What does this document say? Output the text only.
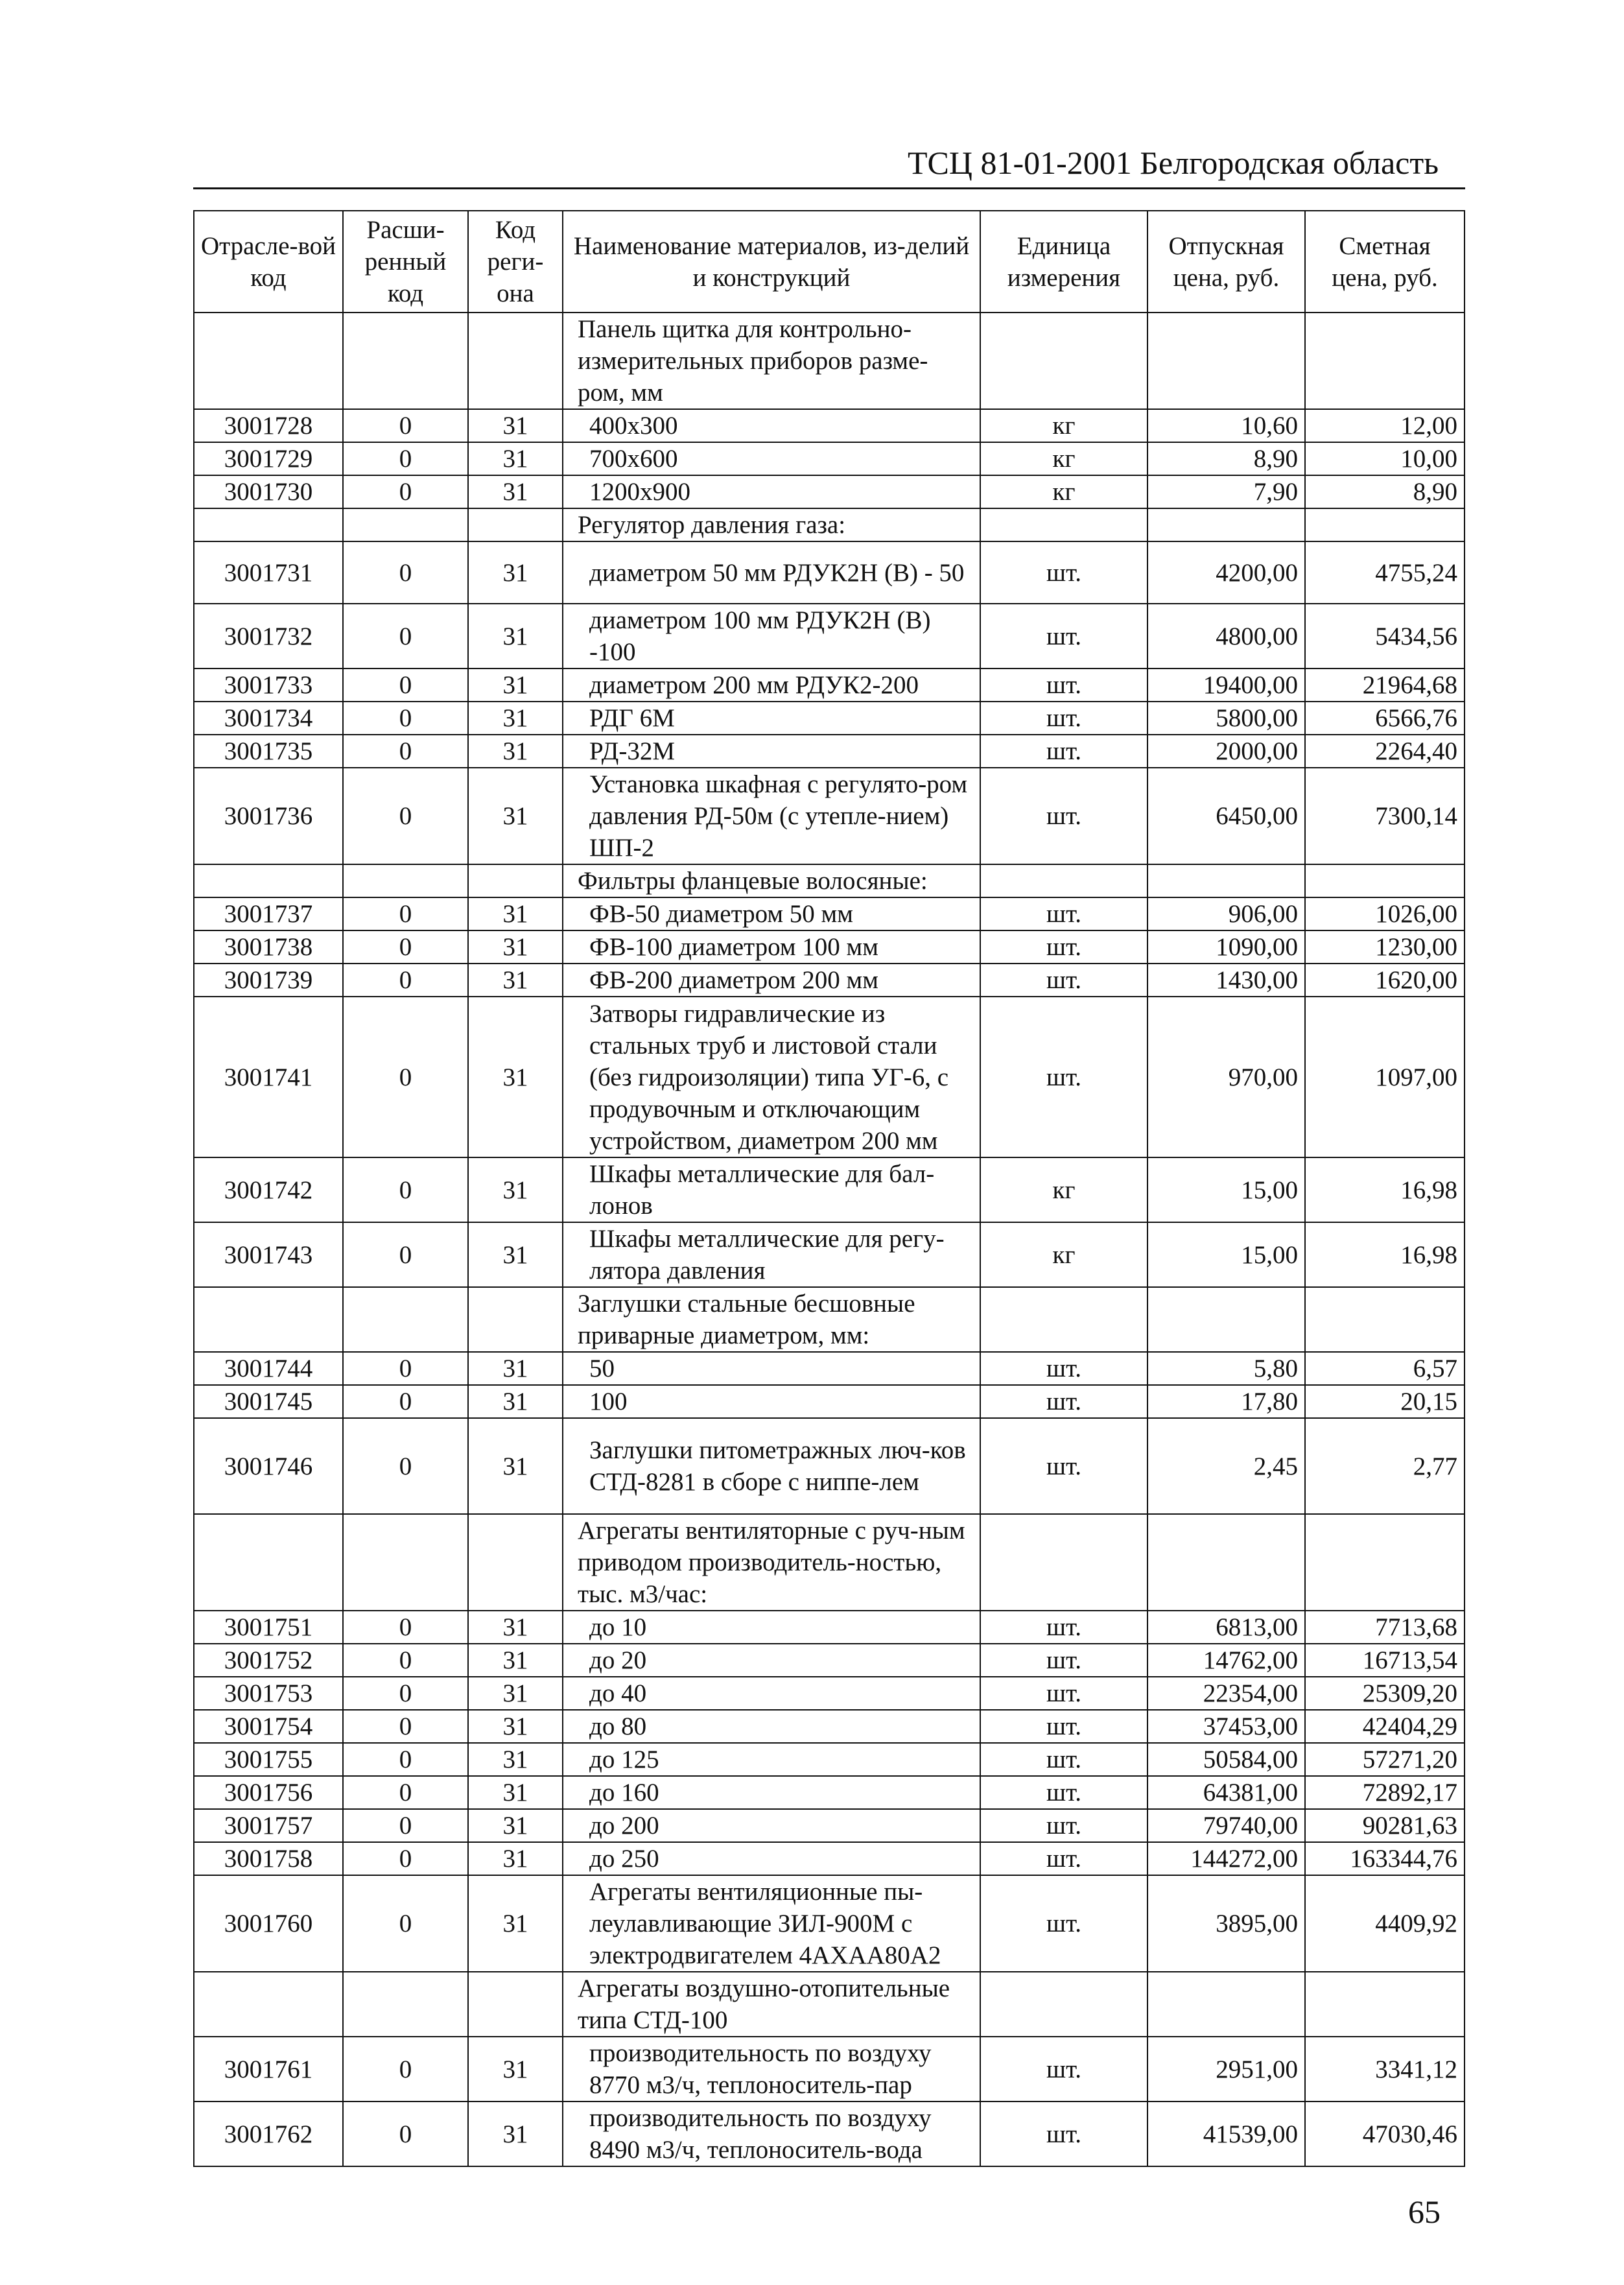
ТСЦ 81-01-2001 Белгородская область
Отрасле-вой код	Расши-ренный код	Код реги-она	Наименование материалов, из-делий и конструкций	Единица измерения	Отпускная цена, руб.	Сметная цена, руб.
			Панель щитка для контрольно-измерительных приборов разме-ром, мм			
3001728	0	31	400x300	кг	10,60	12,00
3001729	0	31	700x600	кг	8,90	10,00
3001730	0	31	1200x900	кг	7,90	8,90
			Регулятор давления газа:			
3001731	0	31	диаметром 50 мм РДУК2Н (В) - 50	шт.	4200,00	4755,24
3001732	0	31	диаметром 100 мм РДУК2Н (В) -100	шт.	4800,00	5434,56
3001733	0	31	диаметром 200 мм РДУК2-200	шт.	19400,00	21964,68
3001734	0	31	РДГ 6М	шт.	5800,00	6566,76
3001735	0	31	РД-32М	шт.	2000,00	2264,40
3001736	0	31	Установка шкафная с регулято-ром давления РД-50м (с утепле-нием) ШП-2	шт.	6450,00	7300,14
			Фильтры фланцевые волосяные:			
3001737	0	31	ФВ-50 диаметром 50 мм	шт.	906,00	1026,00
3001738	0	31	ФВ-100 диаметром 100 мм	шт.	1090,00	1230,00
3001739	0	31	ФВ-200 диаметром 200 мм	шт.	1430,00	1620,00
3001741	0	31	Затворы гидравлические из стальных труб и листовой стали (без гидроизоляции) типа УГ-6, с продувочным и отключающим устройством, диаметром 200 мм	шт.	970,00	1097,00
3001742	0	31	Шкафы металлические для бал-лонов	кг	15,00	16,98
3001743	0	31	Шкафы металлические для регу-лятора давления	кг	15,00	16,98
			Заглушки стальные бесшовные приварные диаметром, мм:			
3001744	0	31	50	шт.	5,80	6,57
3001745	0	31	100	шт.	17,80	20,15
3001746	0	31	Заглушки питометражных люч-ков СТД-8281 в сборе с ниппе-лем	шт.	2,45	2,77
			Агрегаты вентиляторные с руч-ным приводом производитель-ностью, тыс. м3/час:			
3001751	0	31	до 10	шт.	6813,00	7713,68
3001752	0	31	до 20	шт.	14762,00	16713,54
3001753	0	31	до 40	шт.	22354,00	25309,20
3001754	0	31	до 80	шт.	37453,00	42404,29
3001755	0	31	до 125	шт.	50584,00	57271,20
3001756	0	31	до 160	шт.	64381,00	72892,17
3001757	0	31	до 200	шт.	79740,00	90281,63
3001758	0	31	до 250	шт.	144272,00	163344,76
3001760	0	31	Агрегаты вентиляционные пы-леулавливающие ЗИЛ-900М с электродвигателем 4АХАА80А2	шт.	3895,00	4409,92
			Агрегаты воздушно-отопительные типа СТД-100			
3001761	0	31	производительность по воздуху 8770 м3/ч, теплоноситель-пар	шт.	2951,00	3341,12
3001762	0	31	производительность по воздуху 8490 м3/ч, теплоноситель-вода	шт.	41539,00	47030,46
65
